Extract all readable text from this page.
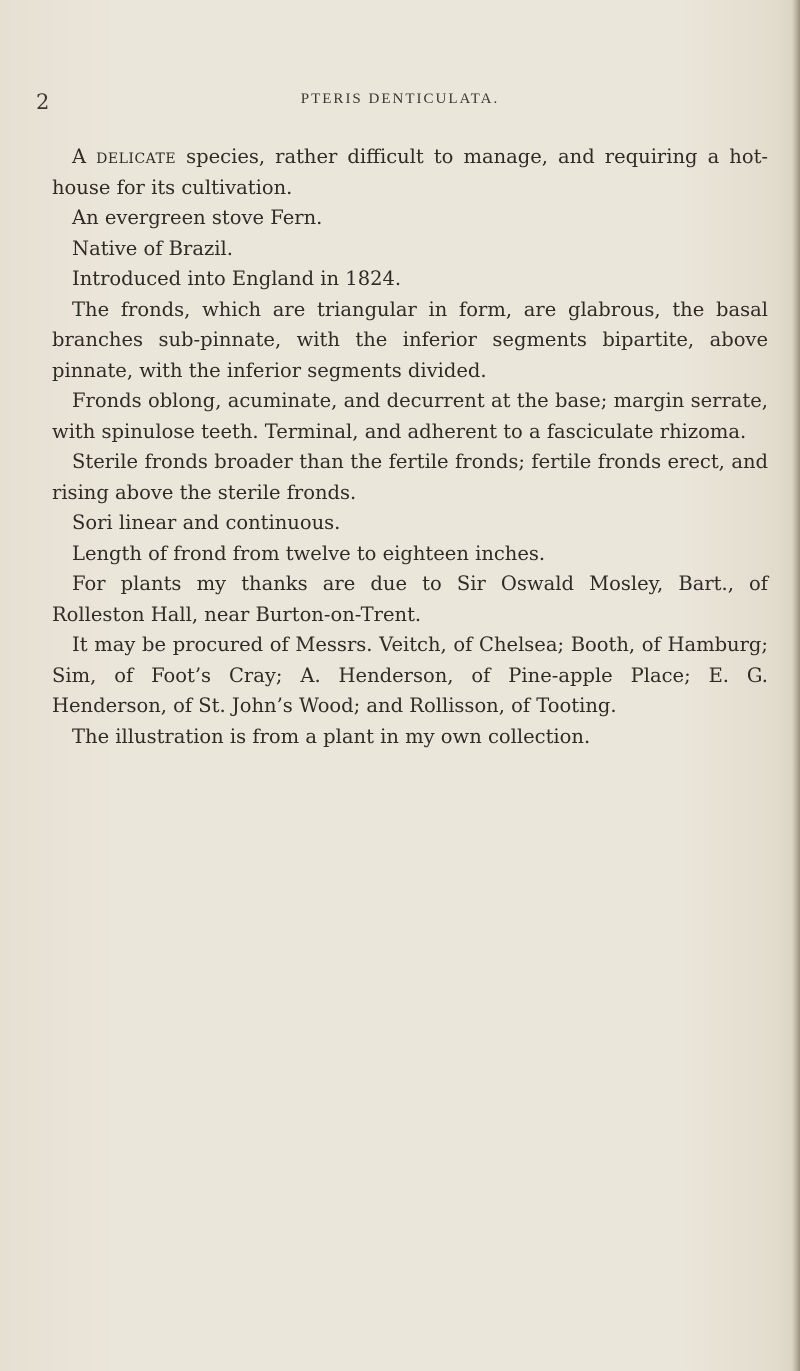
2	PTERIS DENTICULATA.

A delicate species, rather difficult to manage, and requiring a hot-house for its cultivation.

An evergreen stove Fern.

Native of Brazil.

Introduced into England in 1824.

The fronds, which are triangular in form, are glabrous, the basal branches sub-pinnate, with the inferior segments bipartite, above pinnate, with the inferior segments divided.

Fronds oblong, acuminate, and decurrent at the base; margin serrate, with spinulose teeth. Terminal, and adherent to a fasciculate rhizoma.

Sterile fronds broader than the fertile fronds; fertile fronds erect, and rising above the sterile fronds.

Sori linear and continuous.

Length of frond from twelve to eighteen inches.

For plants my thanks are due to Sir Oswald Mosley, Bart., of Rolleston Hall, near Burton-on-Trent.

It may be procured of Messrs. Veitch, of Chelsea; Booth, of Hamburg; Sim, of Foot’s Cray; A. Henderson, of Pine-apple Place; E. G. Henderson, of St. John’s Wood; and Rollisson, of Tooting.

The illustration is from a plant in my own collection.
